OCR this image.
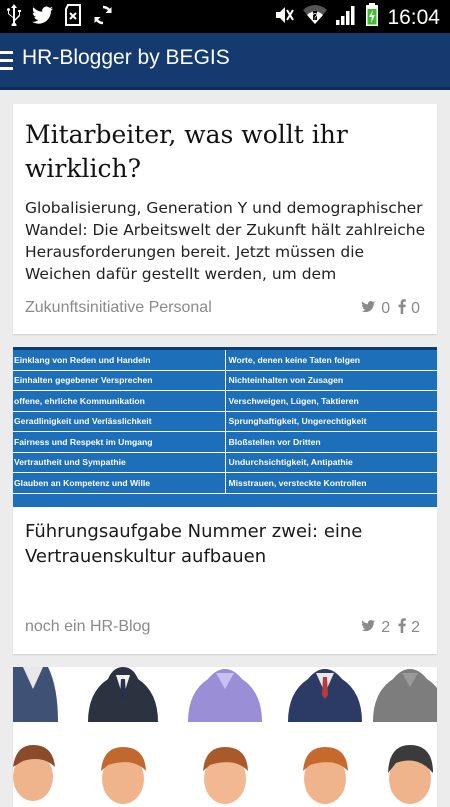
?	16:04
HR-Blogger by BEGIS
Mitarbeiter, was wollt ihr wirklich?
Globalisierung, Generation Y und demographischer Wandel: Die Arbeitswelt der Zukunft hält zahlreiche Herausforderungen bereit. Jetzt müssen die Weichen dafür gestellt werden, um dem
Zukunftsinitiative Personal	0 0
Einklang von Reden und Handeln	Worte, denen keine Taten folgen
Einhalten gegebener Versprechen	Nichteinhalten von Zusagen
offene, ehrliche Kommunikation	Verschweigen, Lügen, Taktieren
Geradlinigkeit und Verlässlichkeit	Sprunghaftigkeit, Ungerechtigkeit
Fairness und Respekt im Umgang	Bloßstellen vor Dritten
Vertrautheit und Sympathie	Undurchsichtigkeit, Antipathie
Glauben an Kompetenz und Wille	Misstrauen, versteckte Kontrollen
Führungsaufgabe Nummer zwei: eine Vertrauenskultur aufbauen
noch ein HR-Blog	2 2
